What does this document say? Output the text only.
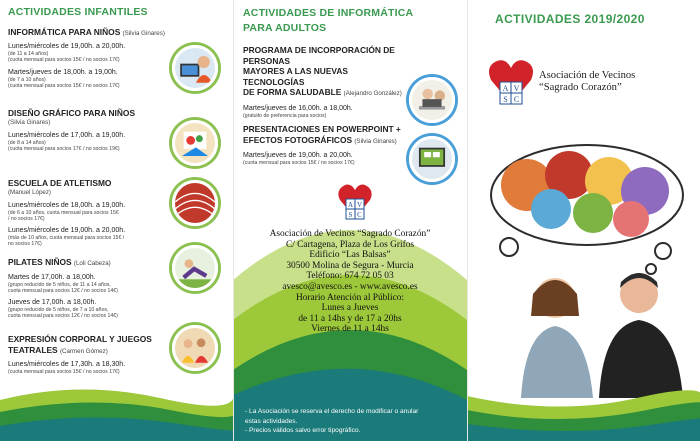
ACTIVIDADES INFANTILES
INFORMÁTICA PARA NIÑOS (Silvia Ginares)
Lunes/miércoles de 19,00h. a 20,00h.
(de 11 a 14 años)
(cuota mensual para socios 15€ / no socios 17€)
Martes/jueves de 18,00h. a 19,00h.
(de 7 a 10 años)
(cuota mensual para socios 15€ / no socios 17€)
DISEÑO GRÁFICO PARA NIÑOS
(Silvia Ginares)
Lunes/miércoles de 17,00h. a 19,00h.
(de 8 a 14 años)
(cuota mensual para socios 17€ / no socios 19€)
ESCUELA DE ATLETISMO
(Manuel López)
Lunes/miércoles de 18,00h. a 19,00h.
(de 6 a 10 años, cuota mensual para socios 15€
/ no socios 17€)
Lunes/miércoles de 19,00h. a 20,00h.
(más de 10 años, cuota mensual para socios 15€ /
no socios 17€)
PILATES NIÑOS (Loli Cabeza)
Martes de 17,00h. a 18,00h.
(grupo reducido de 5 niños, de 11 a 14 años,
cuota mensual para socios 12€ / no socios 14€)
Jueves de 17,00h. a 18,00h.
(grupo reducido de 5 niños, de 7 a 10 años,
cuota mensual para socios 12€ / no socios 14€)
EXPRESIÓN CORPORAL Y JUEGOS
TEATRALES (Carmen Gómez)
Lunes/miércoles de 17,30h. a 18,30h.
(cuota mensual para socios 15€ / no socios 17€)
ACTIVIDADES DE INFORMÁTICA
PARA ADULTOS
PROGRAMA DE INCORPORACIÓN DE PERSONAS
MAYORES A LAS NUEVAS TECNOLOGÍAS
DE FORMA SALUDABLE (Alejandro González)
Martes/jueves de 16,00h. a 18,00h.
(gratuito de preferencia para socios)
PRESENTACIONES EN POWERPOINT +
EFECTOS FOTOGRÁFICOS (Silvia Ginares)
Martes/jueves de 19,00h. a 20,00h.
(cuota mensual para socios 15€ / no socios 17€)
A V
S C
Asociación de Vecinos “Sagrado Corazón”
C/ Cartagena, Plaza de Los Grifos
Edificio “Las Balsas”
30500 Molina de Segura - Murcia
Teléfono: 674 72 05 03
avesco@avesco.es - www.avesco.es
Horario Atención al Público:
Lunes a Jueves
de 11 a 14hs y de 17 a 20hs
Viernes de 11 a 14hs
- La Asociación se reserva el derecho de modificar o anular
estas actividades.
- Precios válidos salvo error tipográfico.
ACTIVIDADES 2019/2020
A V
S C
Asociación de Vecinos
“Sagrado Corazón”
